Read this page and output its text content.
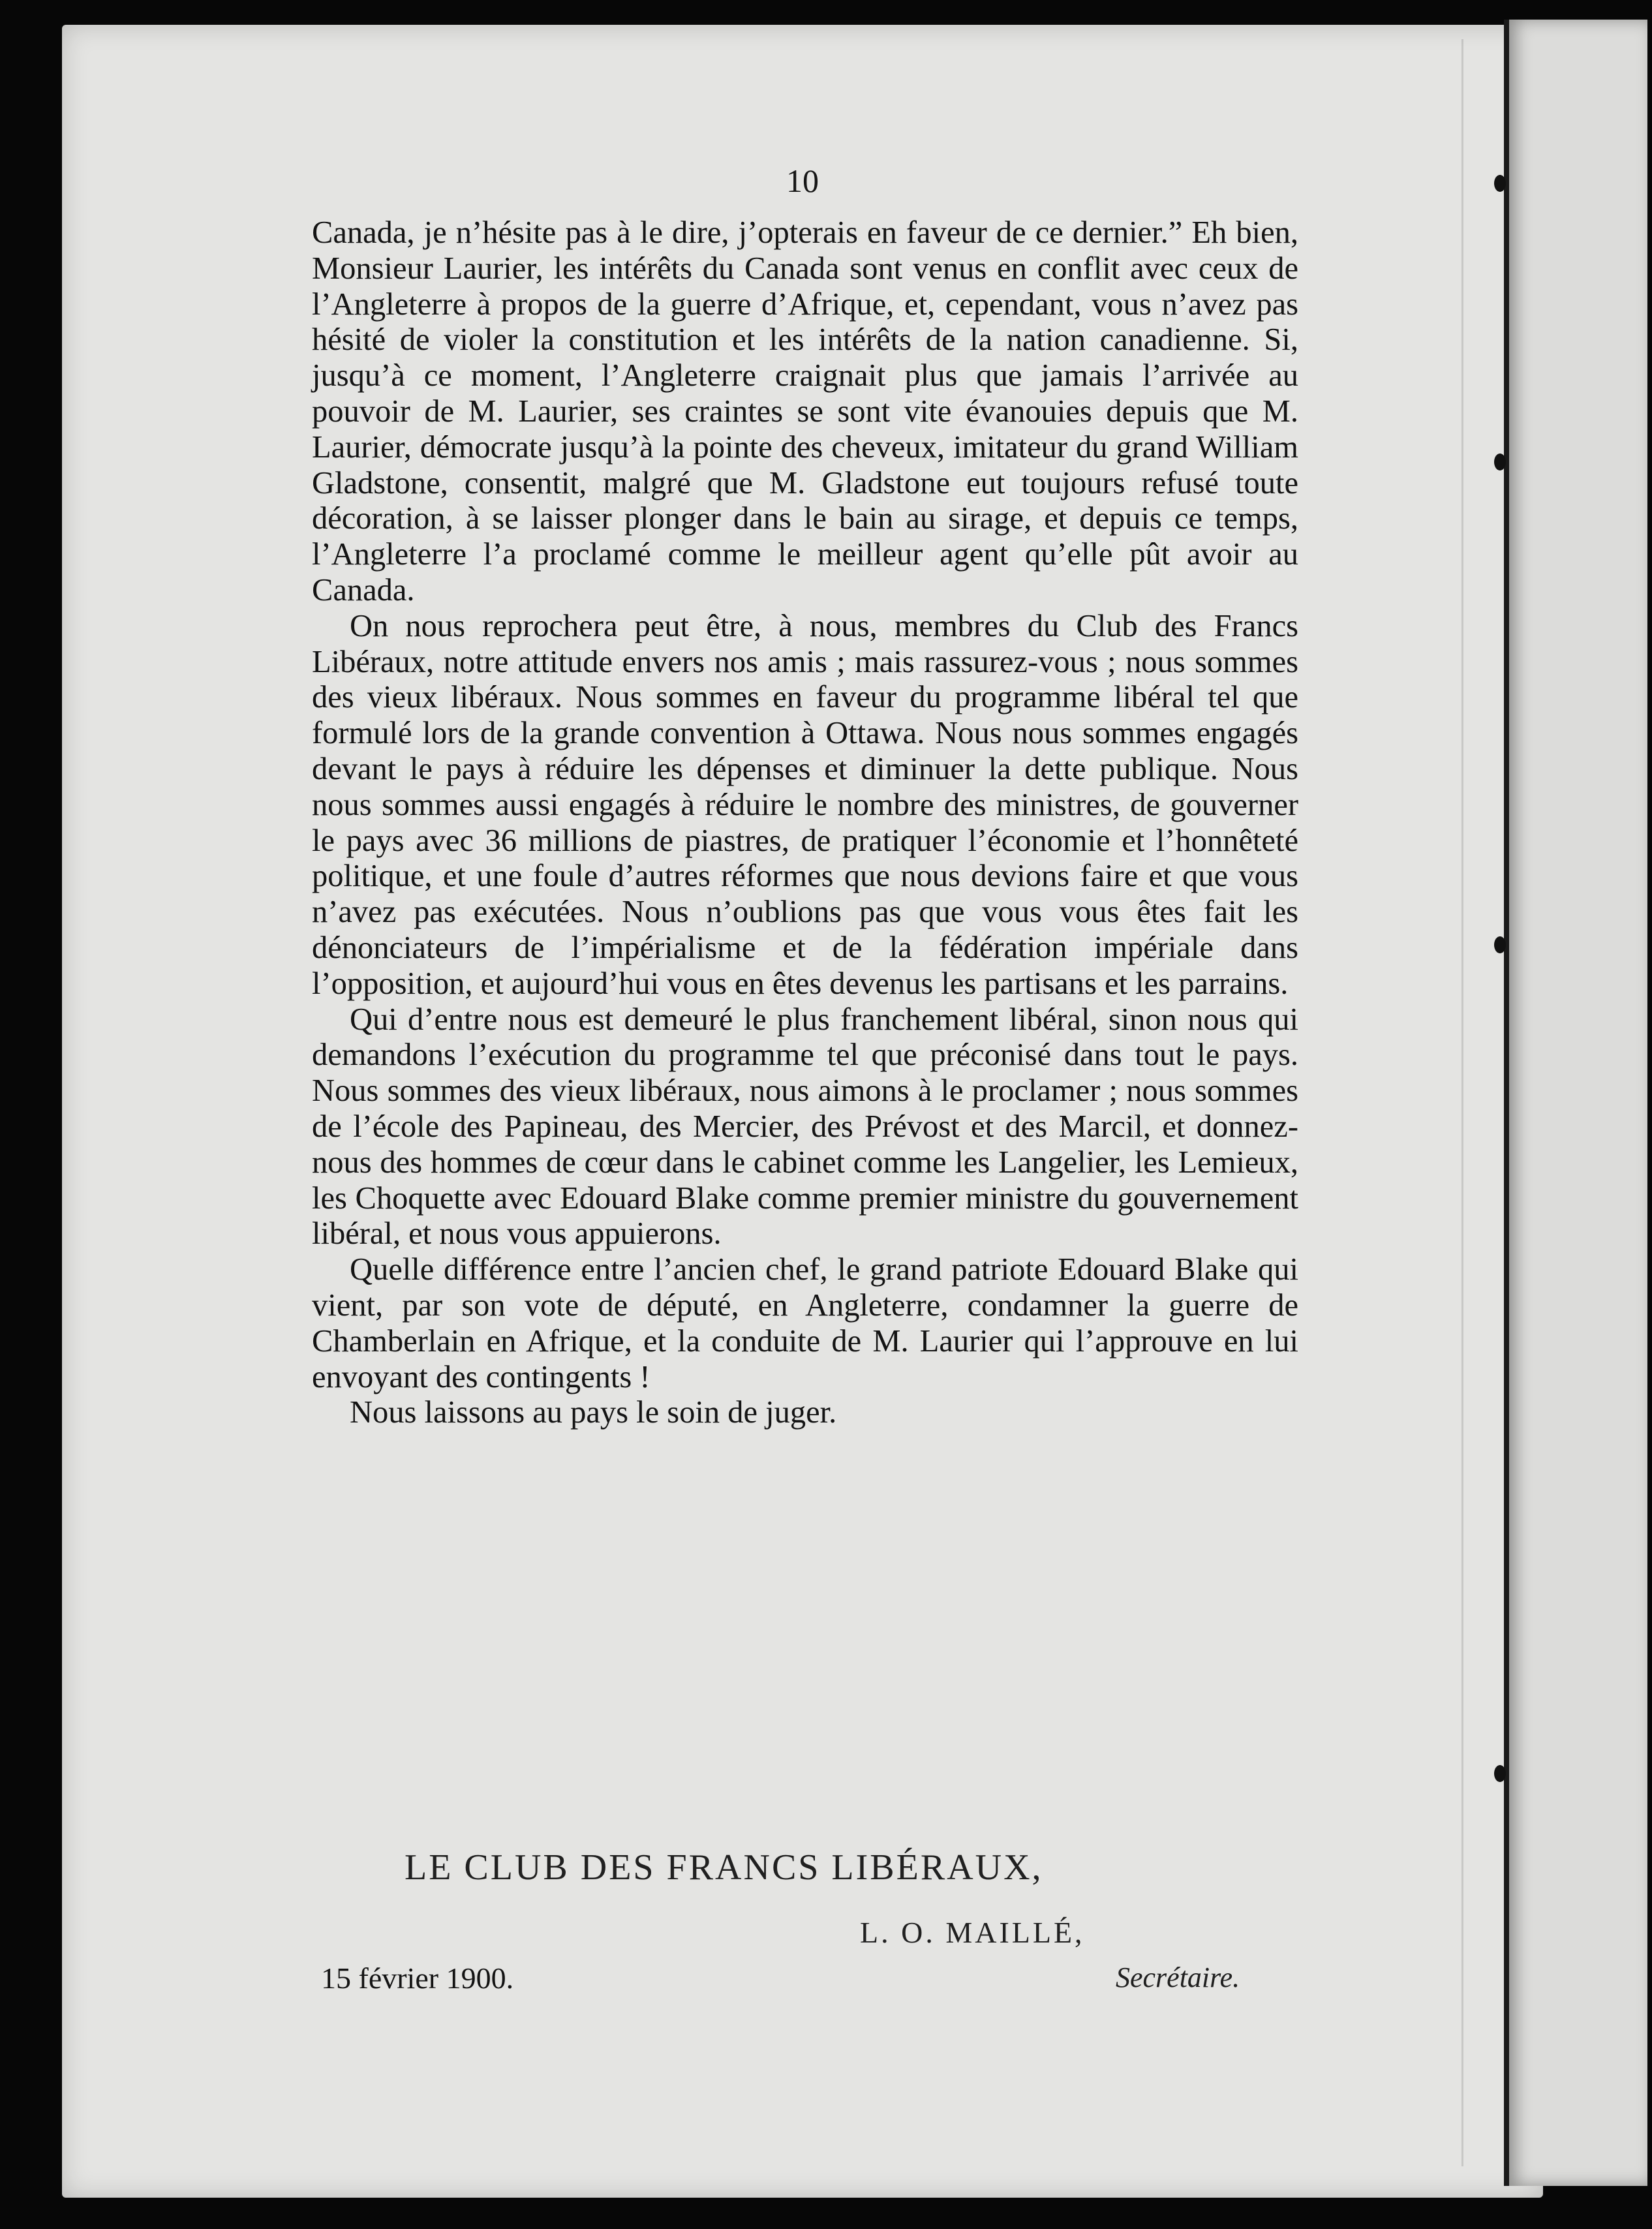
10

Canada, je n’hésite pas à le dire, j’opterais en faveur de ce dernier.” Eh bien, Monsieur Laurier, les intérêts du Canada sont venus en conflit avec ceux de l’Angleterre à propos de la guerre d’Afrique, et, cependant, vous n’avez pas hésité de violer la constitution et les intérêts de la nation canadienne. Si, jusqu’à ce moment, l’Angleterre craignait plus que jamais l’arrivée au pouvoir de M. Laurier, ses craintes se sont vite évanouies depuis que M. Laurier, démocrate jusqu’à la pointe des cheveux, imitateur du grand William Gladstone, consentit, malgré que M. Gladstone eut toujours refusé toute décoration, à se laisser plonger dans le bain au sirage, et depuis ce temps, l’Angleterre l’a proclamé comme le meilleur agent qu’elle pût avoir au Canada.

On nous reprochera peut être, à nous, membres du Club des Francs Libéraux, notre attitude envers nos amis ; mais rassurez-vous ; nous sommes des vieux libéraux. Nous sommes en faveur du programme libéral tel que formulé lors de la grande convention à Ottawa. Nous nous sommes engagés devant le pays à réduire les dépenses et diminuer la dette publique. Nous nous sommes aussi engagés à réduire le nombre des ministres, de gouverner le pays avec 36 millions de piastres, de pratiquer l’économie et l’honnêteté politique, et une foule d’autres réformes que nous devions faire et que vous n’avez pas exécutées. Nous n’oublions pas que vous vous êtes fait les dénonciateurs de l’impérialisme et de la fédération impériale dans l’opposition, et aujourd’hui vous en êtes devenus les partisans et les parrains.

Qui d’entre nous est demeuré le plus franchement libéral, sinon nous qui demandons l’exécution du programme tel que préconisé dans tout le pays. Nous sommes des vieux libéraux, nous aimons à le proclamer ; nous sommes de l’école des Papineau, des Mercier, des Prévost et des Marcil, et donnez-nous des hommes de cœur dans le cabinet comme les Langelier, les Lemieux, les Choquette avec Edouard Blake comme premier ministre du gouvernement libéral, et nous vous appuierons.

Quelle différence entre l’ancien chef, le grand patriote Edouard Blake qui vient, par son vote de député, en Angleterre, condamner la guerre de Chamberlain en Afrique, et la conduite de M. Laurier qui l’approuve en lui envoyant des contingents !

Nous laissons au pays le soin de juger.

LE CLUB DES FRANCS LIBÉRAUX,
L. O. MAILLÉ,
15 février 1900.	Secrétaire.
